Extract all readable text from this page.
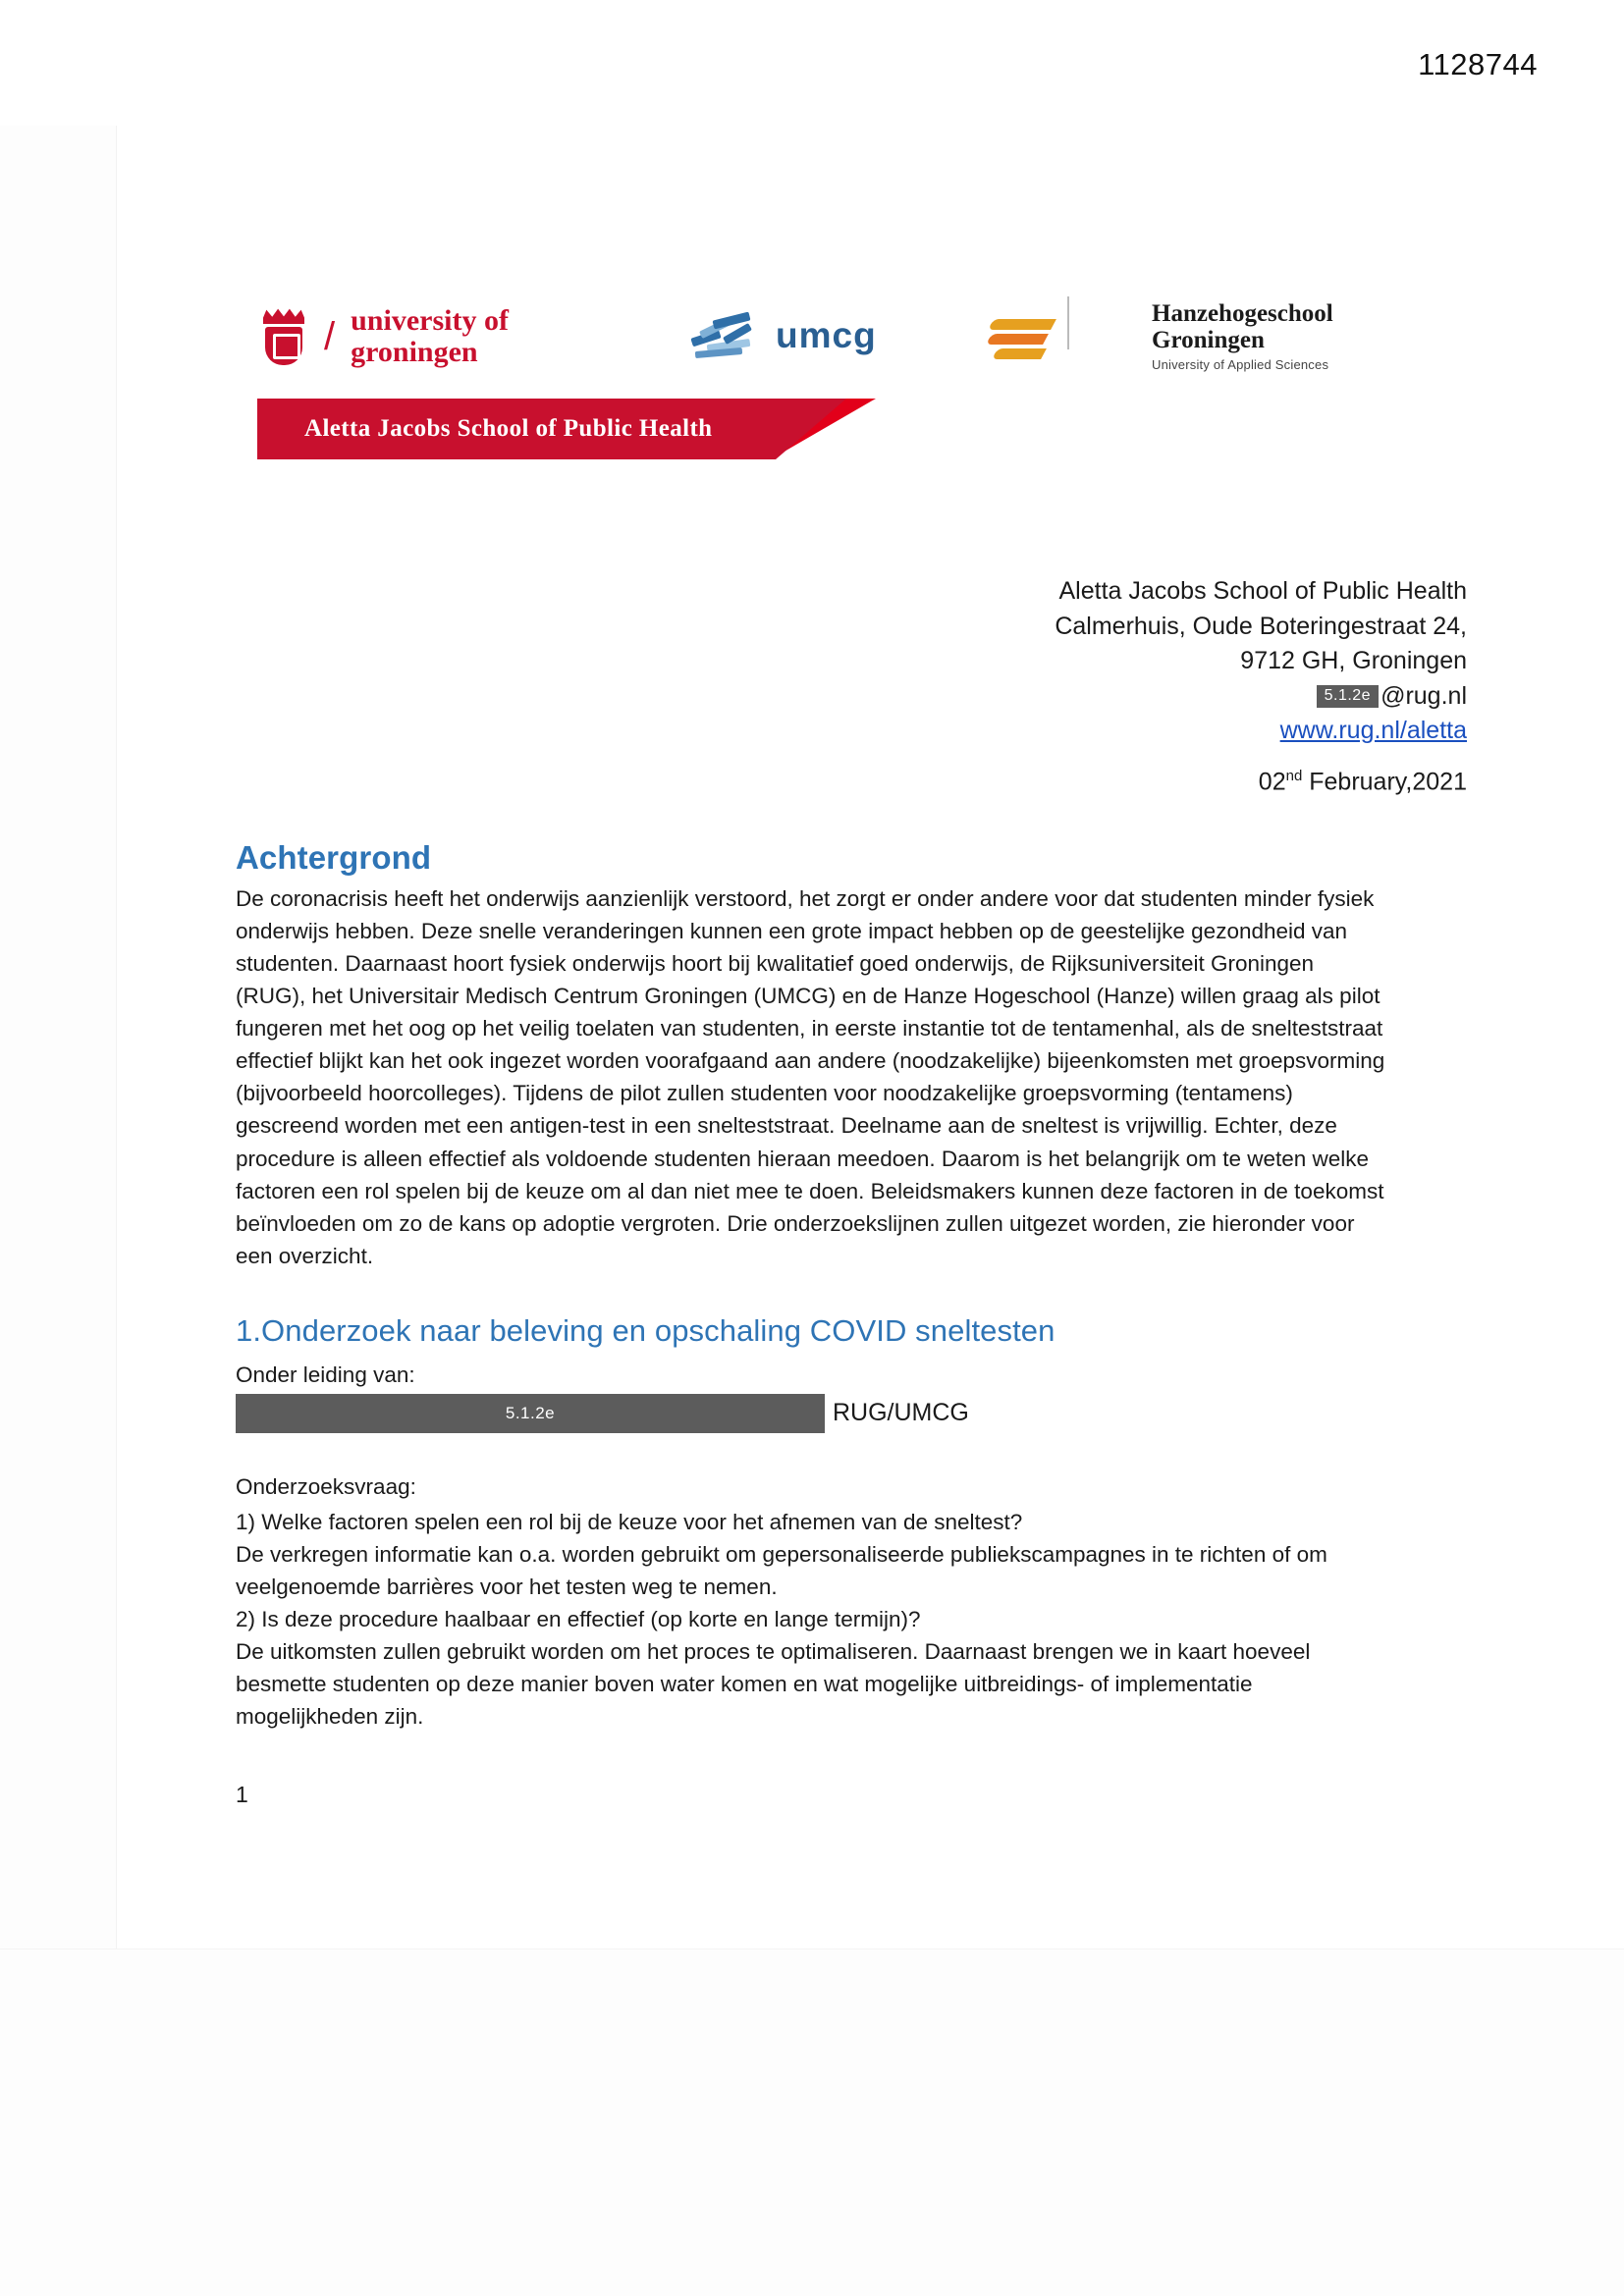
1128744
/ university of
groningen	umcg
Hanzehogeschool
Groningen
University of Applied Sciences
Aletta Jacobs School of Public Health
Aletta Jacobs School of Public Health
Calmerhuis, Oude Boteringestraat 24,
9712 GH, Groningen
5.1.2e @rug.nl
www.rug.nl/aletta
02nd February,2021
Achtergrond

De coronacrisis heeft het onderwijs aanzienlijk verstoord, het zorgt er onder andere voor dat studenten minder fysiek onderwijs hebben. Deze snelle veranderingen kunnen een grote impact hebben op de geestelijke gezondheid van studenten. Daarnaast hoort fysiek onderwijs hoort bij kwalitatief goed onderwijs, de Rijksuniversiteit Groningen (RUG), het Universitair Medisch Centrum Groningen (UMCG) en de Hanze Hogeschool (Hanze) willen graag als pilot fungeren met het oog op het veilig toelaten van studenten, in eerste instantie tot de tentamenhal, als de snelteststraat effectief blijkt kan het ook ingezet worden voorafgaand aan andere (noodzakelijke) bijeenkomsten met groepsvorming (bijvoorbeeld hoorcolleges). Tijdens de pilot zullen studenten voor noodzakelijke groepsvorming (tentamens) gescreend worden met een antigen-test in een snelteststraat. Deelname aan de sneltest is vrijwillig. Echter, deze procedure is alleen effectief als voldoende studenten hieraan meedoen. Daarom is het belangrijk om te weten welke factoren een rol spelen bij de keuze om al dan niet mee te doen. Beleidsmakers kunnen deze factoren in de toekomst beïnvloeden om zo de kans op adoptie vergroten. Drie onderzoekslijnen zullen uitgezet worden, zie hieronder voor een overzicht.

1.Onderzoek naar beleving en opschaling COVID sneltesten
Onder leiding van:
5.1.2e	RUG/UMCG
Onderzoeksvraag:

1) Welke factoren spelen een rol bij de keuze voor het afnemen van de sneltest?

De verkregen informatie kan o.a. worden gebruikt om gepersonaliseerde publiekscampagnes in te richten of om veelgenoemde barrières voor het testen weg te nemen.

2) Is deze procedure haalbaar en effectief (op korte en lange termijn)?

De uitkomsten zullen gebruikt worden om het proces te optimaliseren. Daarnaast brengen we in kaart hoeveel besmette studenten op deze manier boven water komen en wat mogelijke uitbreidings- of implementatie mogelijkheden zijn.

1
